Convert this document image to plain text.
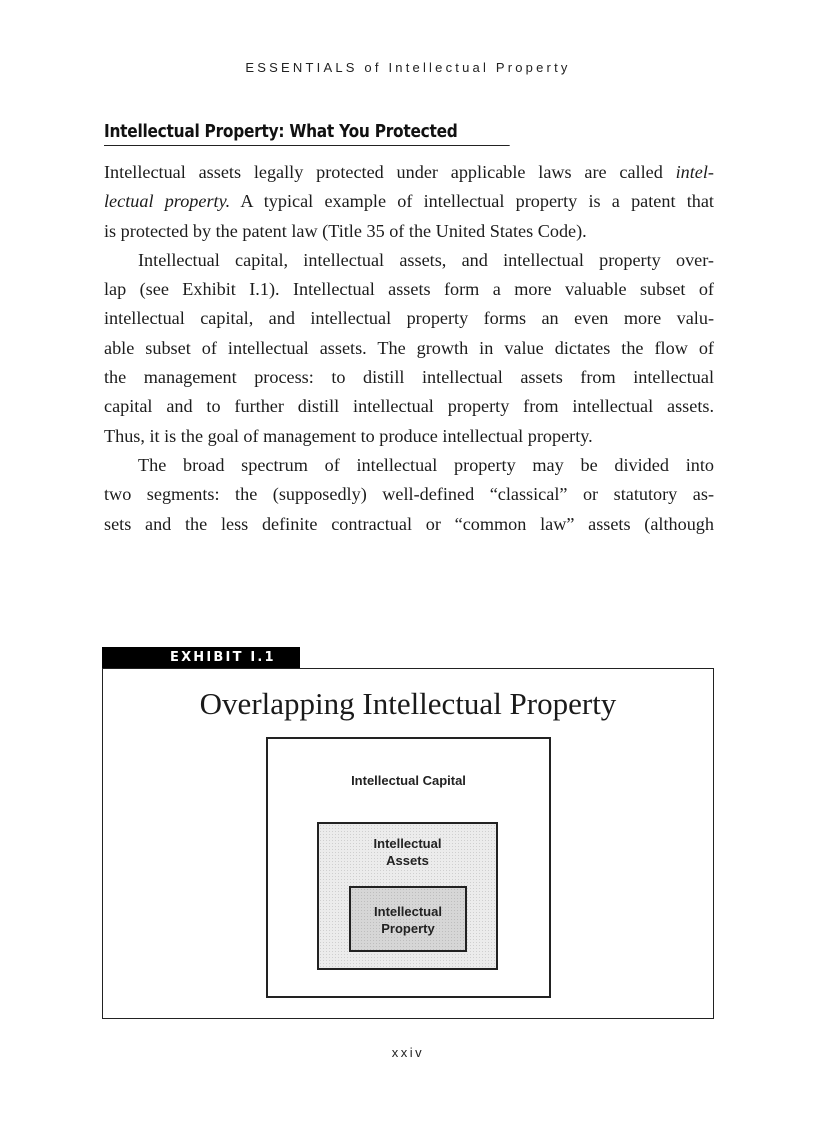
ESSENTIALS of Intellectual Property
Intellectual Property: What You Protected
Intellectual assets legally protected under applicable laws are called intel-
lectual property. A typical example of intellectual property is a patent that
is protected by the patent law (Title 35 of the United States Code).
Intellectual capital, intellectual assets, and intellectual property over-
lap (see Exhibit I.1). Intellectual assets form a more valuable subset of
intellectual capital, and intellectual property forms an even more valu-
able subset of intellectual assets. The growth in value dictates the flow of
the management process: to distill intellectual assets from intellectual
capital and to further distill intellectual property from intellectual assets.
Thus, it is the goal of management to produce intellectual property.
The broad spectrum of intellectual property may be divided into
two segments: the (supposedly) well-defined “classical” or statutory as-
sets and the less definite contractual or “common law” assets (although
EXHIBIT I.1
Overlapping Intellectual Property
Intellectual Capital
Intellectual
Assets
Intellectual
Property
xxiv
